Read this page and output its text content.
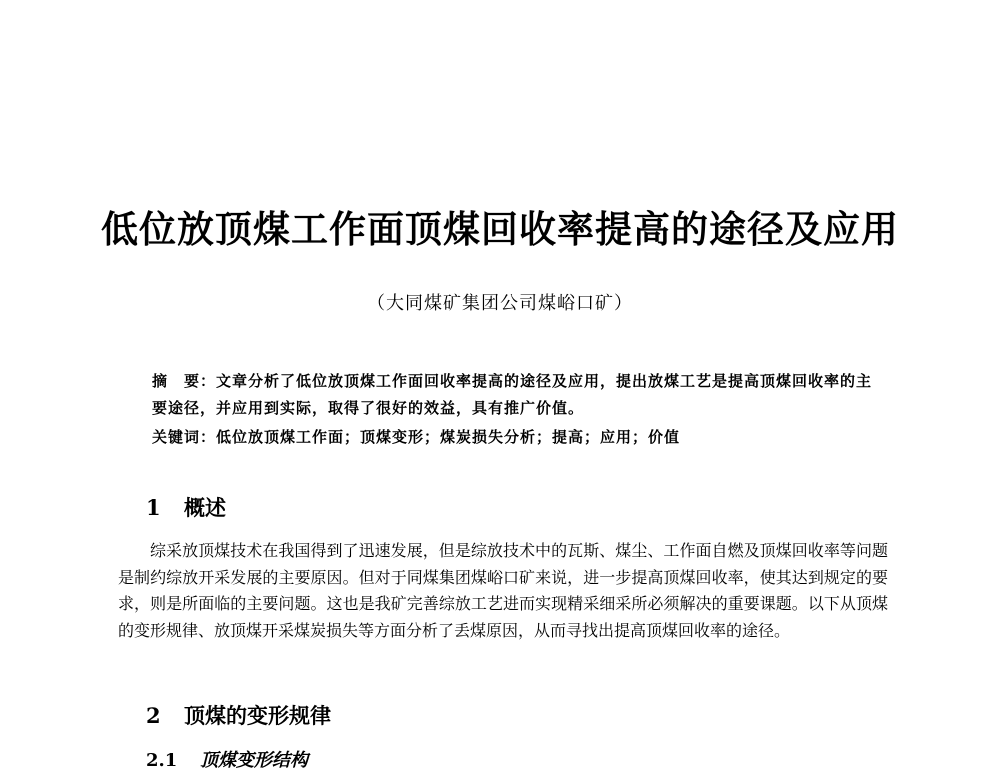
低位放顶煤工作面顶煤回收率提高的途径及应用
（大同煤矿集团公司煤峪口矿）
摘　要：文章分析了低位放顶煤工作面回收率提高的途径及应用，提出放煤工艺是提高顶煤回收率的主要途径，并应用到实际，取得了很好的效益，具有推广价值。
关键词：低位放顶煤工作面；顶煤变形；煤炭损失分析；提高；应用；价值
1 概述

综采放顶煤技术在我国得到了迅速发展，但是综放技术中的瓦斯、煤尘、工作面自燃及顶煤回收率等问题是制约综放开采发展的主要原因。但对于同煤集团煤峪口矿来说，进一步提高顶煤回收率，使其达到规定的要求，则是所面临的主要问题。这也是我矿完善综放工艺进而实现精采细采所必须解决的重要课题。以下从顶煤的变形规律、放顶煤开采煤炭损失等方面分析了丢煤原因，从而寻找出提高顶煤回收率的途径。

2 顶煤的变形规律
2.1 顶煤变形结构
